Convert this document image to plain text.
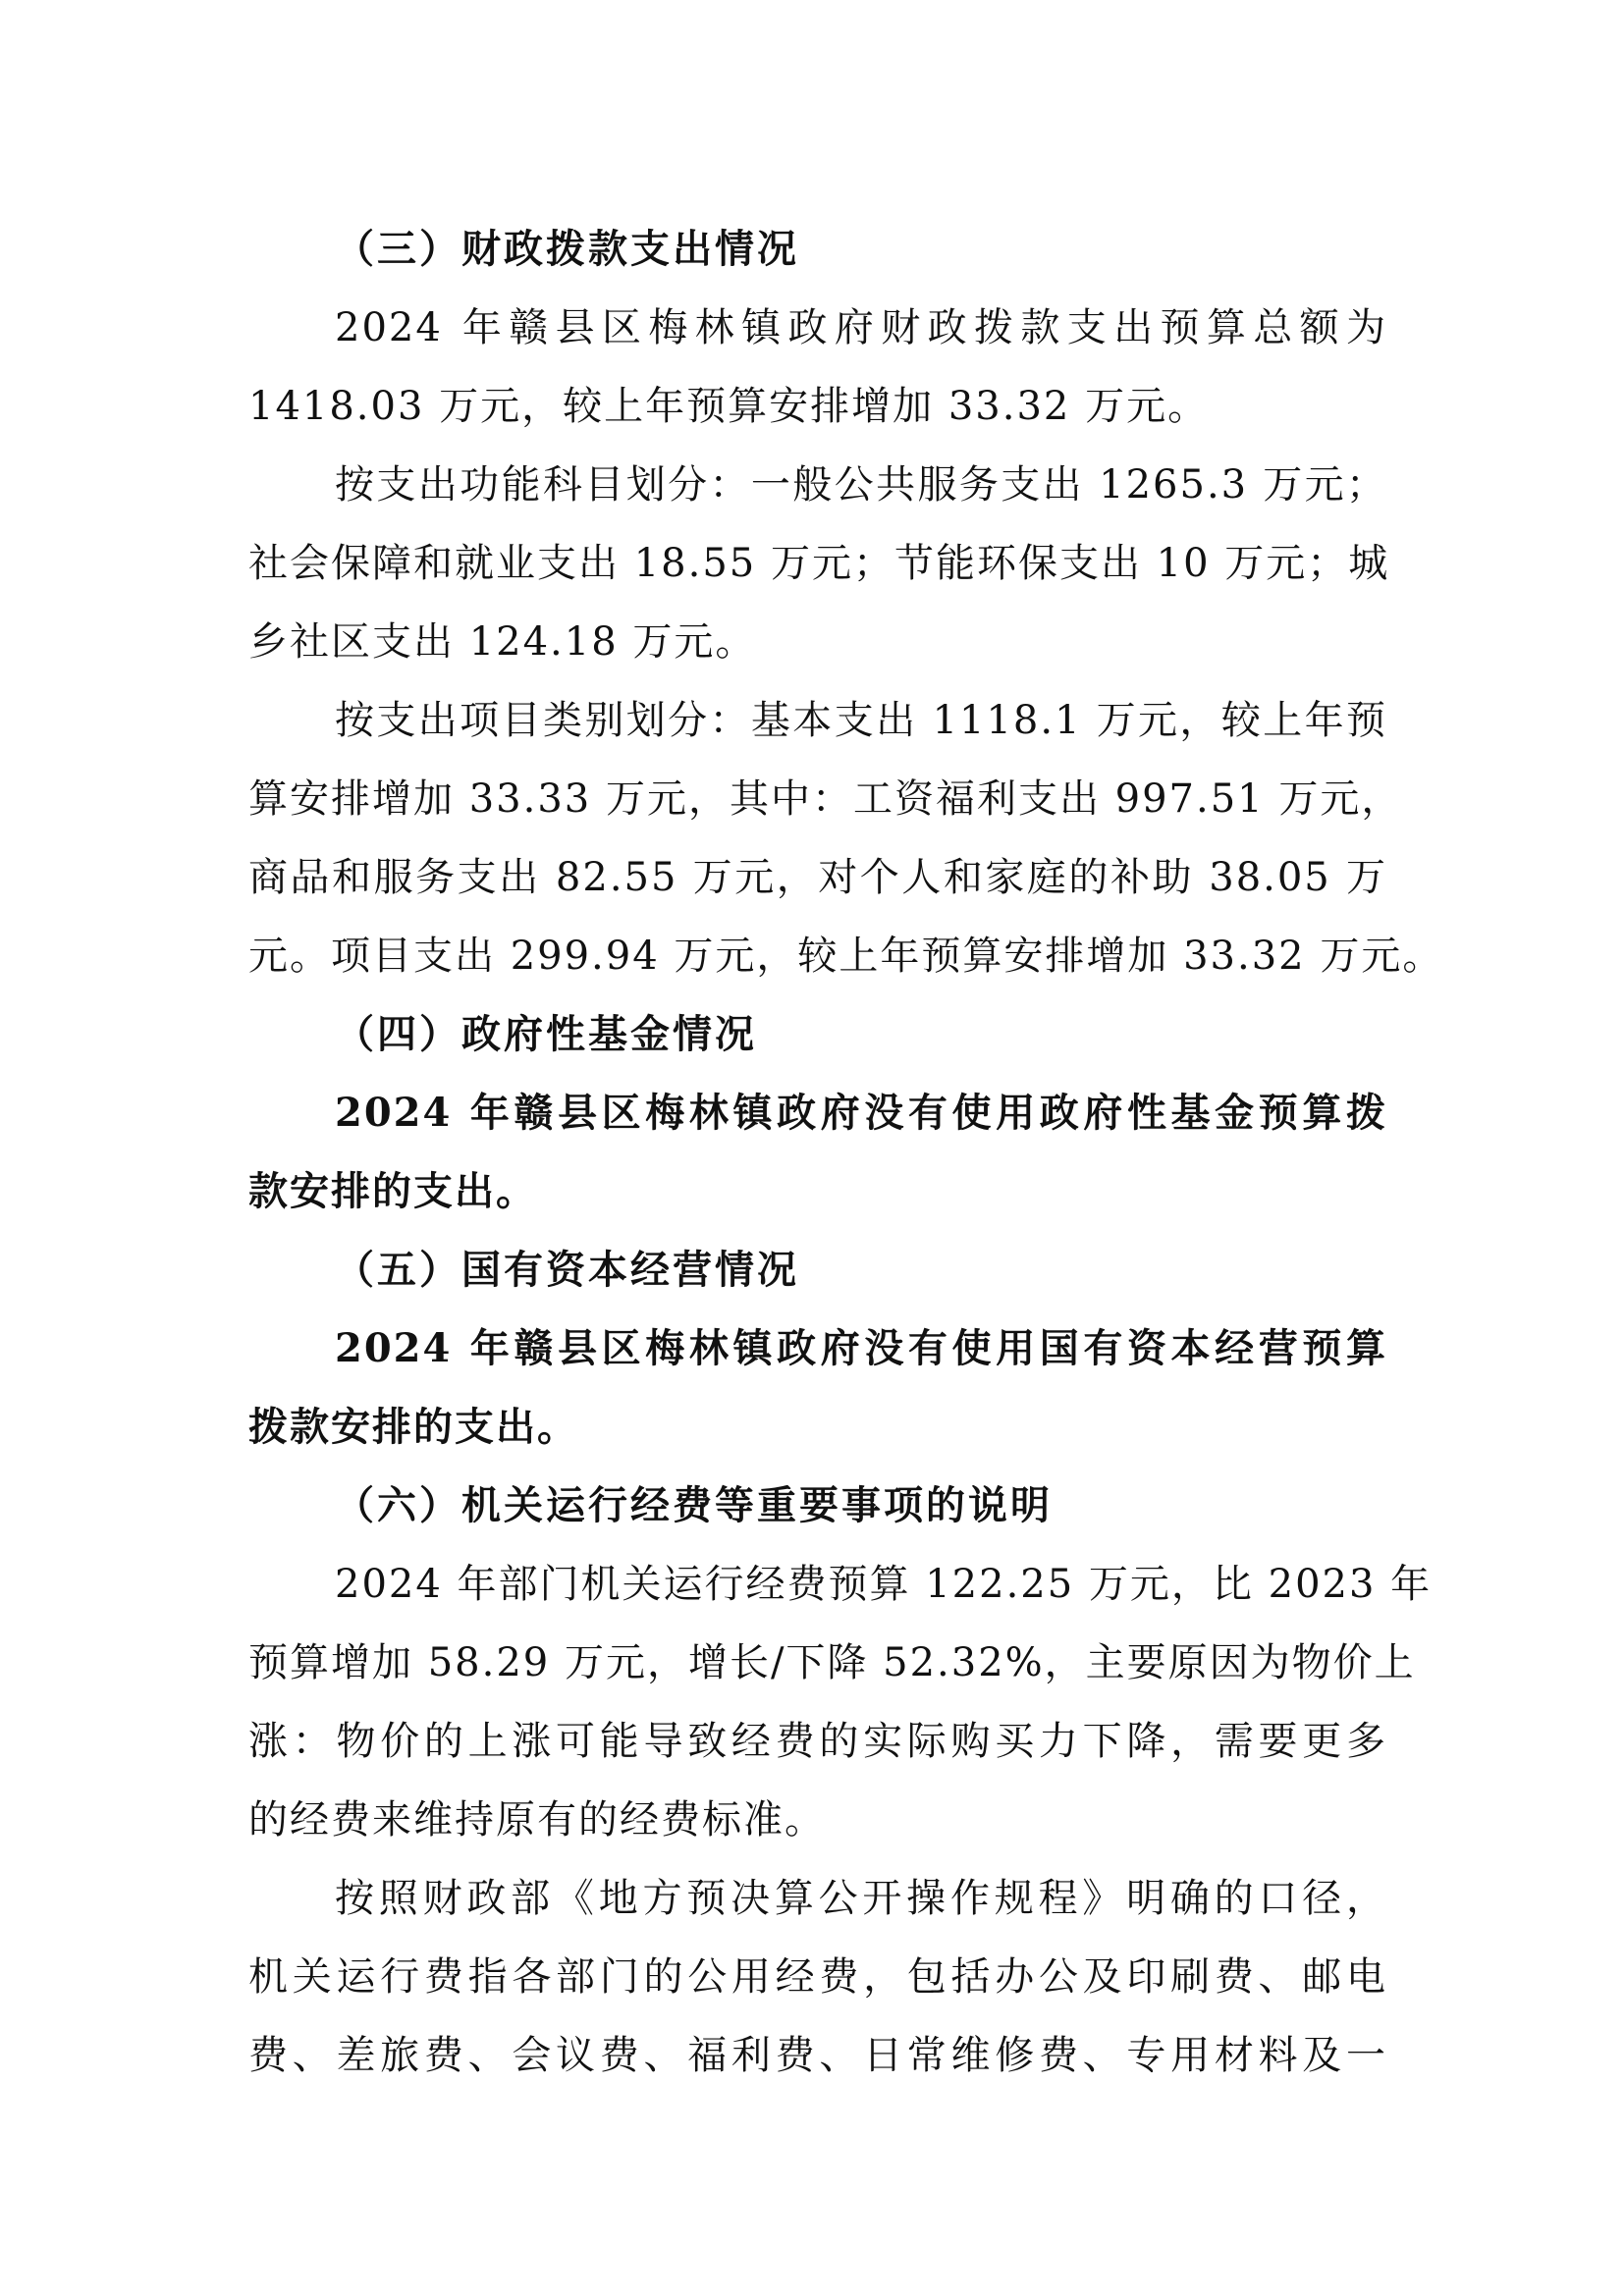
（三）财政拨款支出情况
2024 年赣县区梅林镇政府财政拨款支出预算总额为
1418.03 万元，较上年预算安排增加 33.32 万元。
按支出功能科目划分：一般公共服务支出 1265.3 万元；
社会保障和就业支出 18.55 万元；节能环保支出 10 万元；城
乡社区支出 124.18 万元。
按支出项目类别划分：基本支出 1118.1 万元，较上年预
算安排增加 33.33 万元，其中：工资福利支出 997.51 万元，
商品和服务支出 82.55 万元，对个人和家庭的补助 38.05 万
元。项目支出 299.94 万元，较上年预算安排增加 33.32 万元。
（四）政府性基金情况
2024 年赣县区梅林镇政府没有使用政府性基金预算拨
款安排的支出。
（五）国有资本经营情况
2024 年赣县区梅林镇政府没有使用国有资本经营预算
拨款安排的支出。
（六）机关运行经费等重要事项的说明
2024 年部门机关运行经费预算 122.25 万元，比 2023 年
预算增加 58.29 万元，增长/下降 52.32%，主要原因为物价上
涨：物价的上涨可能导致经费的实际购买力下降，需要更多
的经费来维持原有的经费标准。
按照财政部《地方预决算公开操作规程》明确的口径，
机关运行费指各部门的公用经费，包括办公及印刷费、邮电
费、差旅费、会议费、福利费、日常维修费、专用材料及一
